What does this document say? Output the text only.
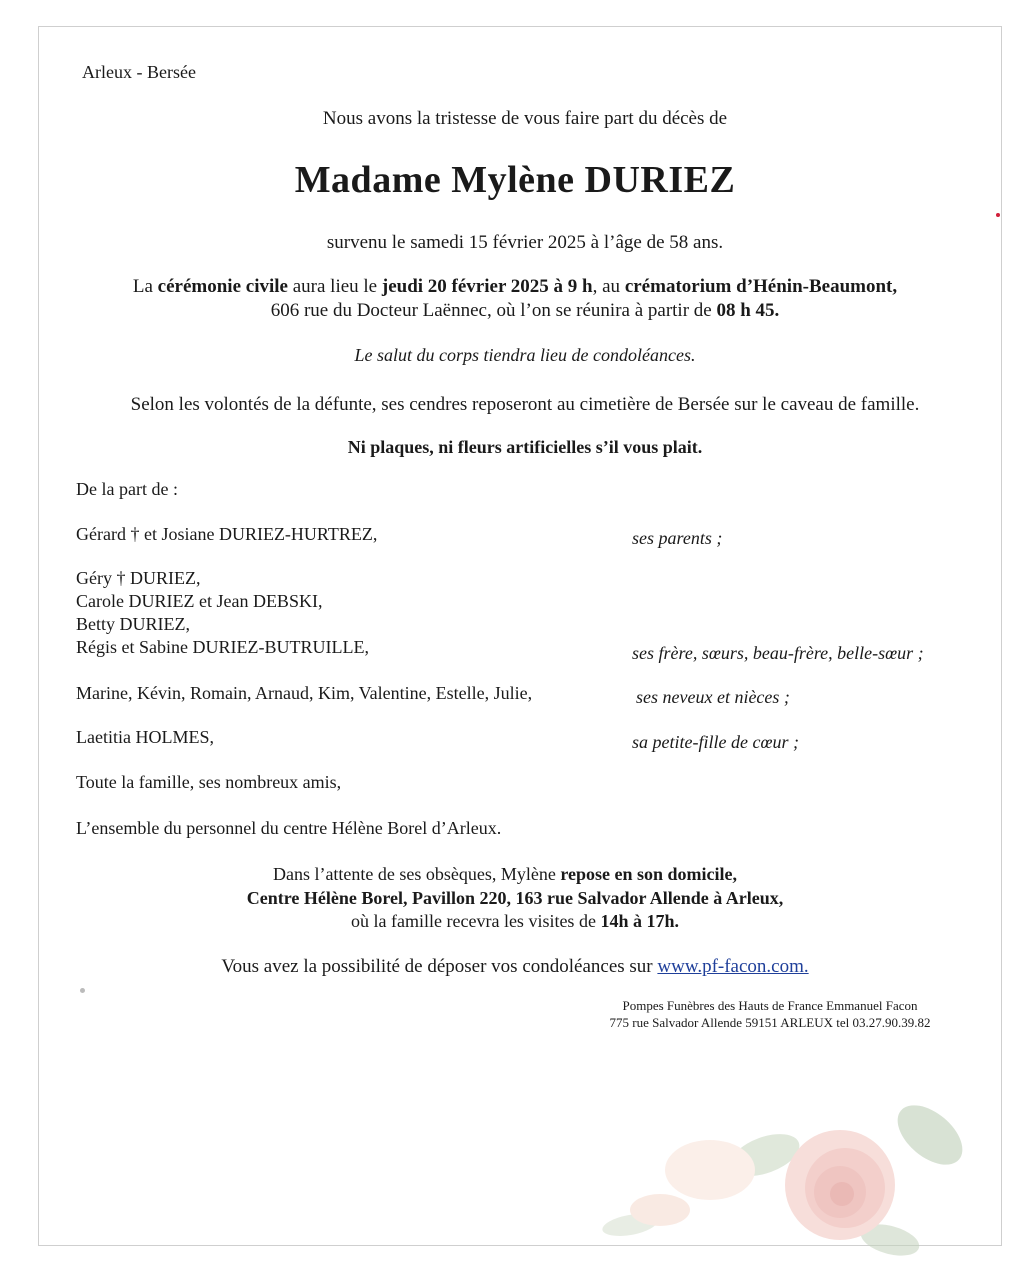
Arleux - Bersée
Nous avons la tristesse de vous faire part du décès de
Madame Mylène DURIEZ
survenu le samedi 15 février 2025 à l’âge de 58 ans.
La cérémonie civile aura lieu le jeudi 20 février 2025 à 9 h, au crématorium d’Hénin-Beaumont,
606 rue du Docteur Laënnec, où l’on se réunira à partir de 08 h 45.
Le salut du corps tiendra lieu de condoléances.
Selon les volontés de la défunte, ses cendres reposeront au cimetière de Bersée sur le caveau de famille.
Ni plaques, ni fleurs artificielles s’il vous plait.
De la part de :
Gérard † et Josiane DURIEZ-HURTREZ,	ses parents ;
Géry † DURIEZ,
Carole DURIEZ et Jean DEBSKI,
Betty DURIEZ,
Régis et Sabine DURIEZ-BUTRUILLE,	ses frère, sœurs, beau-frère, belle-sœur ;
Marine, Kévin, Romain, Arnaud, Kim, Valentine, Estelle, Julie,	ses neveux et nièces ;
Laetitia HOLMES,	sa petite-fille de cœur ;
Toute la famille, ses nombreux amis,
L’ensemble du personnel du centre Hélène Borel d’Arleux.
Dans l’attente de ses obsèques, Mylène repose en son domicile,
Centre Hélène Borel, Pavillon 220, 163 rue Salvador Allende à Arleux,
où la famille recevra les visites de 14h à 17h.
Vous avez la possibilité de déposer vos condoléances sur www.pf-facon.com.
Pompes Funèbres des Hauts de France Emmanuel Facon
775 rue Salvador Allende 59151 ARLEUX tel 03.27.90.39.82
